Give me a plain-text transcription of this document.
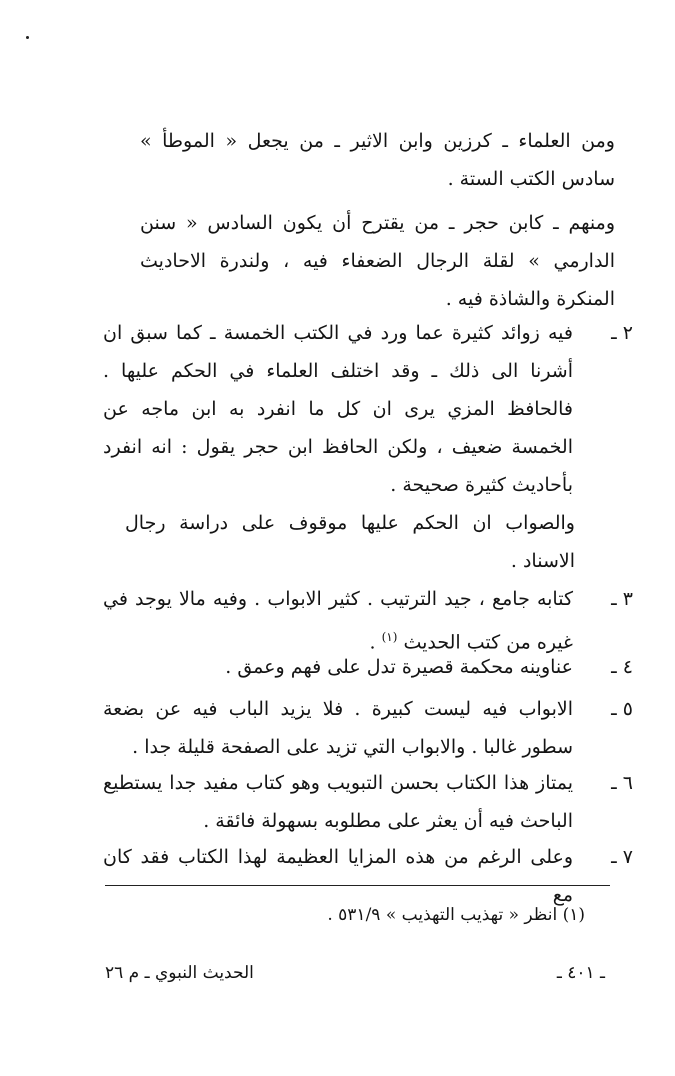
ومن العلماء ـ كرزين وابن الاثير ـ من يجعل « الموطأ » سادس الكتب الستة .

ومنهم ـ كابن حجر ـ من يقترح أن يكون السادس « سنن الدارمي » لقلة الرجال الضعفاء فيه ، ولندرة الاحاديث المنكرة والشاذة فيه .

٢ ـ

فيه زوائد كثيرة عما ورد في الكتب الخمسة ـ كما سبق ان أشرنا الى ذلك ـ وقد اختلف العلماء في الحكم عليها . فالحافظ المزي يرى ان كل ما انفرد به ابن ماجه عن الخمسة ضعيف ، ولكن الحافظ ابن حجر يقول : انه انفرد بأحاديث كثيرة صحيحة .

والصواب ان الحكم عليها موقوف على دراسة رجال الاسناد .

٣ ـ

كتابه جامع ، جيد الترتيب . كثير الابواب . وفيه مالا يوجد في غيره من كتب الحديث $^{(١)}$ .

٤ ـ

عناوينه محكمة قصيرة تدل على فهم وعمق .

٥ ـ

الابواب فيه ليست كبيرة . فلا يزيد الباب فيه عن بضعة سطور غالبا . والابواب التي تزيد على الصفحة قليلة جدا .

٦ ـ

يمتاز هذا الكتاب بحسن التبويب وهو كتاب مفيد جدا يستطيع الباحث فيه أن يعثر على مطلوبه بسهولة فائقة .

٧ ـ

وعلى الرغم من هذه المزايا العظيمة لهذا الكتاب فقد كان مع

(١) انظر « تهذيب التهذيب » ٥٣١/٩ .

ـ ٤٠١ ـ
الحديث النبوي ـ م ٢٦
